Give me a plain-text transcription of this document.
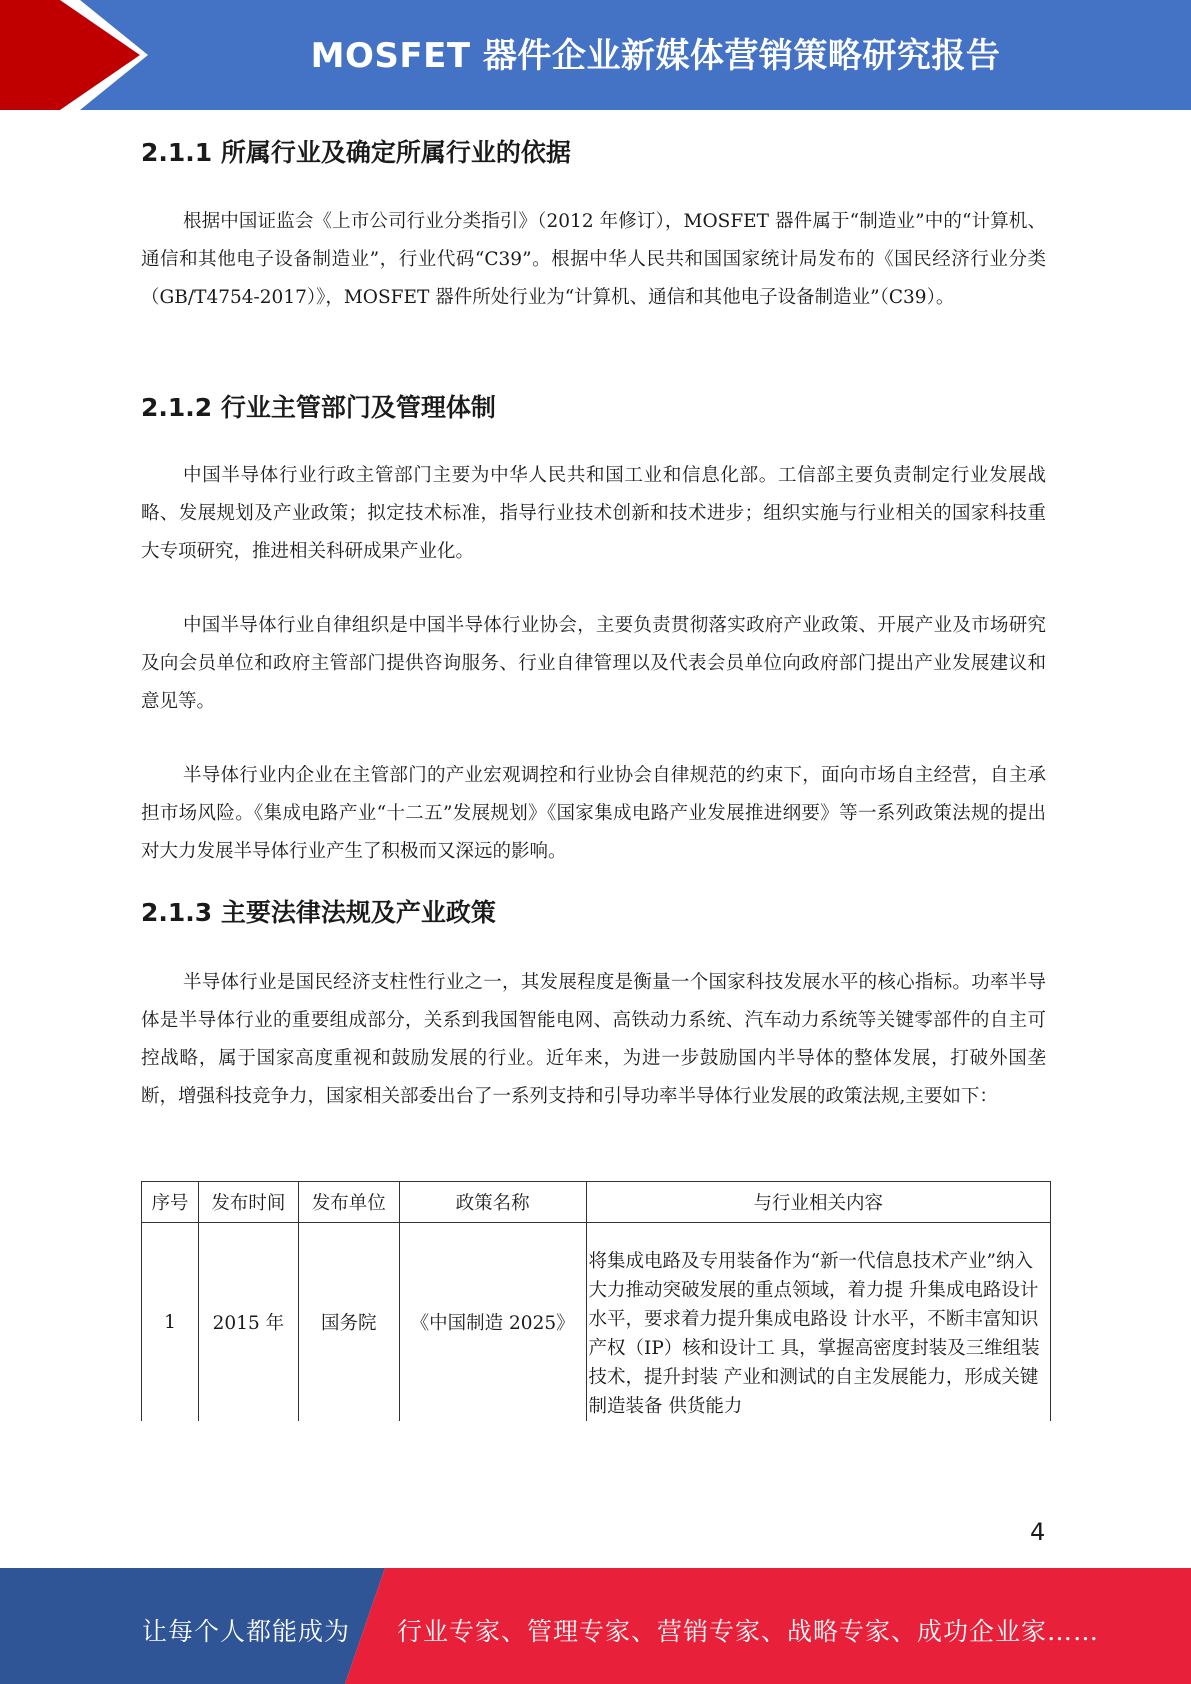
MOSFET 器件企业新媒体营销策略研究报告
2.1.1 所属行业及确定所属行业的依据

根据中国证监会《上市公司行业分类指引》（2012 年修订），MOSFET 器件属于“制造业”中的“计算机、通信和其他电子设备制造业”，行业代码“C39”。根据中华人民共和国国家统计局发布的《国民经济行业分类（GB/T4754-2017）》，MOSFET 器件所处行业为“计算机、通信和其他电子设备制造业”（C39）。

2.1.2 行业主管部门及管理体制

中国半导体行业行政主管部门主要为中华人民共和国工业和信息化部。工信部主要负责制定行业发展战略、发展规划及产业政策；拟定技术标准，指导行业技术创新和技术进步；组织实施与行业相关的国家科技重大专项研究，推进相关科研成果产业化。

中国半导体行业自律组织是中国半导体行业协会，主要负责贯彻落实政府产业政策、开展产业及市场研究及向会员单位和政府主管部门提供咨询服务、行业自律管理以及代表会员单位向政府部门提出产业发展建议和意见等。

半导体行业内企业在主管部门的产业宏观调控和行业协会自律规范的约束下，面向市场自主经营，自主承担市场风险。《集成电路产业“十二五”发展规划》《国家集成电路产业发展推进纲要》等一系列政策法规的提出对大力发展半导体行业产生了积极而又深远的影响。

2.1.3 主要法律法规及产业政策

半导体行业是国民经济支柱性行业之一，其发展程度是衡量一个国家科技发展水平的核心指标。功率半导体是半导体行业的重要组成部分，关系到我国智能电网、高铁动力系统、汽车动力系统等关键零部件的自主可控战略，属于国家高度重视和鼓励发展的行业。近年来，为进一步鼓励国内半导体的整体发展，打破外国垄断，增强科技竞争力，国家相关部委出台了一系列支持和引导功率半导体行业发展的政策法规,主要如下：

序号	发布时间	发布单位	政策名称	与行业相关内容
1	2015 年	国务院	《中国制造 2025》	将集成电路及专用装备作为“新一代信息技术产业”纳入大力推动突破发展的重点领域，着力提 升集成电路设计水平，要求着力提升集成电路设 计水平，不断丰富知识产权（IP）核和设计工 具，掌握高密度封装及三维组装技术，提升封装 产业和测试的自主发展能力，形成关键制造装备 供货能力
4
让每个人都能成为 行业专家、管理专家、营销专家、战略专家、成功企业家……
